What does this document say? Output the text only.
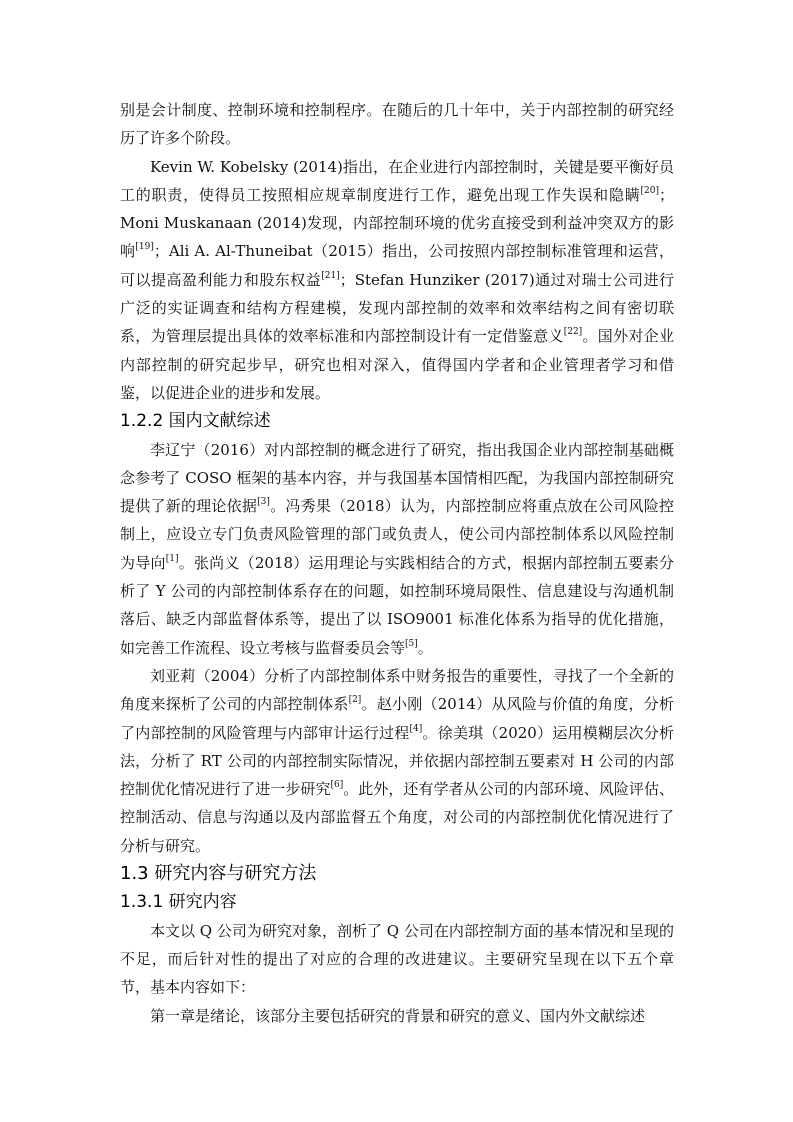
别是会计制度、控制环境和控制程序。在随后的几十年中，关于内部控制的研究经历了许多个阶段。

Kevin W. Kobelsky (2014)指出，在企业进行内部控制时，关键是要平衡好员工的职责，使得员工按照相应规章制度进行工作，避免出现工作失误和隐瞒[20]；Moni Muskanaan (2014)发现，内部控制环境的优劣直接受到利益冲突双方的影响[19]；Ali A. Al-Thuneibat（2015）指出，公司按照内部控制标准管理和运营，可以提高盈利能力和股东权益[21]；Stefan Hunziker (2017)通过对瑞士公司进行广泛的实证调查和结构方程建模，发现内部控制的效率和效率结构之间有密切联系，为管理层提出具体的效率标准和内部控制设计有一定借鉴意义[22]。国外对企业内部控制的研究起步早，研究也相对深入，值得国内学者和企业管理者学习和借鉴，以促进企业的进步和发展。

1.2.2 国内文献综述

李辽宁（2016）对内部控制的概念进行了研究，指出我国企业内部控制基础概念参考了 COSO 框架的基本内容，并与我国基本国情相匹配，为我国内部控制研究提供了新的理论依据[3]。冯秀果（2018）认为，内部控制应将重点放在公司风险控制上，应设立专门负责风险管理的部门或负责人，使公司内部控制体系以风险控制为导向[1]。张尚义（2018）运用理论与实践相结合的方式，根据内部控制五要素分析了 Y 公司的内部控制体系存在的问题，如控制环境局限性、信息建设与沟通机制落后、缺乏内部监督体系等，提出了以 ISO9001 标准化体系为指导的优化措施，如完善工作流程、设立考核与监督委员会等[5]。

刘亚莉（2004）分析了内部控制体系中财务报告的重要性，寻找了一个全新的角度来探析了公司的内部控制体系[2]。赵小刚（2014）从风险与价值的角度，分析了内部控制的风险管理与内部审计运行过程[4]。徐美琪（2020）运用模糊层次分析法，分析了 RT 公司的内部控制实际情况，并依据内部控制五要素对 H 公司的内部控制优化情况进行了进一步研究[6]。此外，还有学者从公司的内部环境、风险评估、控制活动、信息与沟通以及内部监督五个角度，对公司的内部控制优化情况进行了分析与研究。

1.3 研究内容与研究方法
1.3.1 研究内容

本文以 Q 公司为研究对象，剖析了 Q 公司在内部控制方面的基本情况和呈现的不足，而后针对性的提出了对应的合理的改进建议。主要研究呈现在以下五个章节，基本内容如下：

第一章是绪论，该部分主要包括研究的背景和研究的意义、国内外文献综述
